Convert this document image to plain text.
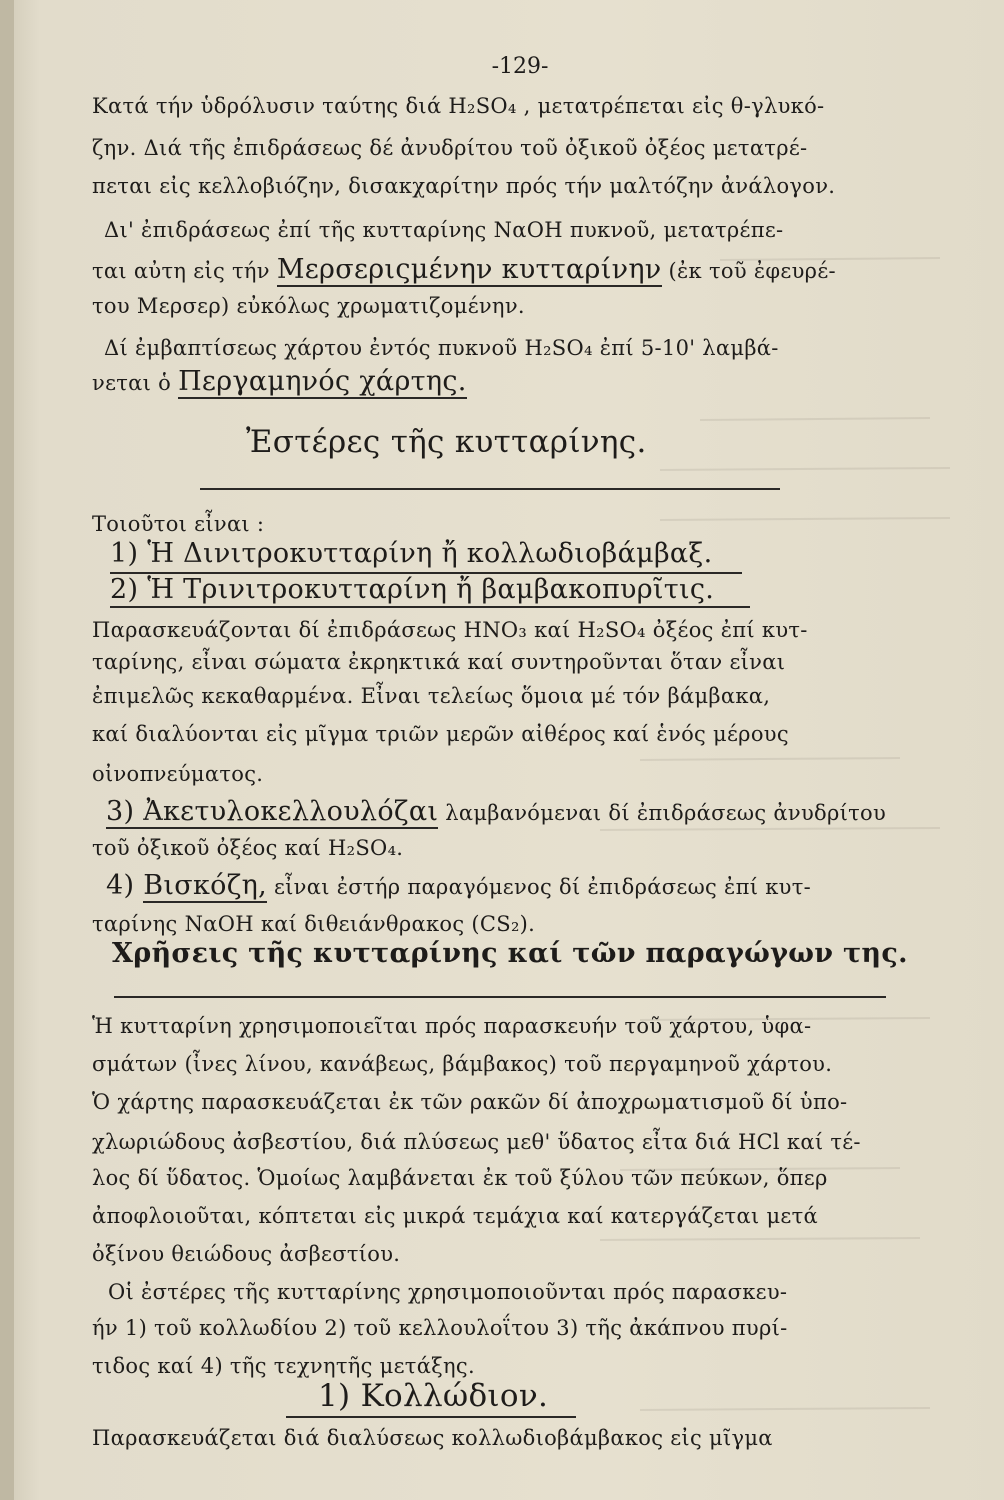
-129-
Κατά τήν ὑδρόλυσιν ταύτης διά H₂SO₄ , μετατρέπεται εἰς θ-γλυκό-
ζην. Διά τῆς ἐπιδράσεως δέ ἀνυδρίτου τοῦ ὀξικοῦ ὀξέος μετατρέ-
πεται εἰς κελλοβιόζην, δισακχαρίτην πρός τήν μαλτόζην ἀνάλογον.
Δι' ἐπιδράσεως ἐπί τῆς κυτταρίνης ΝαΟΗ πυκνοῦ, μετατρέπε-
ται αὐτη εἰς τήν Μερσεριςμένην κυτταρίνην (ἐκ τοῦ ἐφευρέ-
του Μερσερ) εὐκόλως χρωματιζομένην.
Δί ἐμβαπτίσεως χάρτου ἐντός πυκνοῦ H₂SO₄ ἐπί 5-10' λαμβά-
νεται ὁ Περγαμηνός χάρτης.
Ἐστέρες τῆς κυτταρίνης.
Τοιοῦτοι εἶναι :
1) Ἡ Δινιτροκυτταρίνη ἤ κολλωδιοβάμβαξ.
2) Ἡ Τρινιτροκυτταρίνη ἤ βαμβακοπυρῖτις.
Παρασκευάζονται δί ἐπιδράσεως ΗΝΟ₃ καί H₂SO₄ ὀξέος ἐπί κυτ-
ταρίνης, εἶναι σώματα ἐκρηκτικά καί συντηροῦνται ὅταν εἶναι
ἐπιμελῶς κεκαθαρμένα. Εἶναι τελείως ὅμοια μέ τόν βάμβακα,
καί διαλύονται εἰς μῖγμα τριῶν μερῶν αἰθέρος καί ἑνός μέρους
οἰνοπνεύματος.
3) Ἀκετυλοκελλουλόζαι λαμβανόμεναι δί ἐπιδράσεως ἀνυδρίτου
τοῦ ὀξικοῦ ὀξέος καί H₂SO₄.
4) Βισκόζη, εἶναι ἐστήρ παραγόμενος δί ἐπιδράσεως ἐπί κυτ-
ταρίνης ΝαΟΗ καί διθειάνθρακος (CS₂).
Χρῆσεις τῆς κυτταρίνης καί τῶν παραγώγων της.
Ἡ κυτταρίνη χρησιμοποιεῖται πρός παρασκευήν τοῦ χάρτου, ὑφα-
σμάτων (ἶνες λίνου, κανάβεως, βάμβακος) τοῦ περγαμηνοῦ χάρτου.
Ὁ χάρτης παρασκευάζεται ἐκ τῶν ρακῶν δί ἀποχρωματισμοῦ δί ὑπο-
χλωριώδους ἀσβεστίου, διά πλύσεως μεθ' ὕδατος εἶτα διά HCl καί τέ-
λος δί ὕδατος. Ὁμοίως λαμβάνεται ἐκ τοῦ ξύλου τῶν πεύκων, ὅπερ
ἀποφλοιοῦται, κόπτεται εἰς μικρά τεμάχια καί κατεργάζεται μετά
ὀξίνου θειώδους ἀσβεστίου.
Οἱ ἐστέρες τῆς κυτταρίνης χρησιμοποιοῦνται πρός παρασκευ-
ήν 1) τοῦ κολλωδίου 2) τοῦ κελλουλοΐτου 3) τῆς ἀκάπνου πυρί-
τιδος καί 4) τῆς τεχνητῆς μετάξης.
1) Κολλώδιον.
Παρασκευάζεται διά διαλύσεως κολλωδιοβάμβακος εἰς μῖγμα
